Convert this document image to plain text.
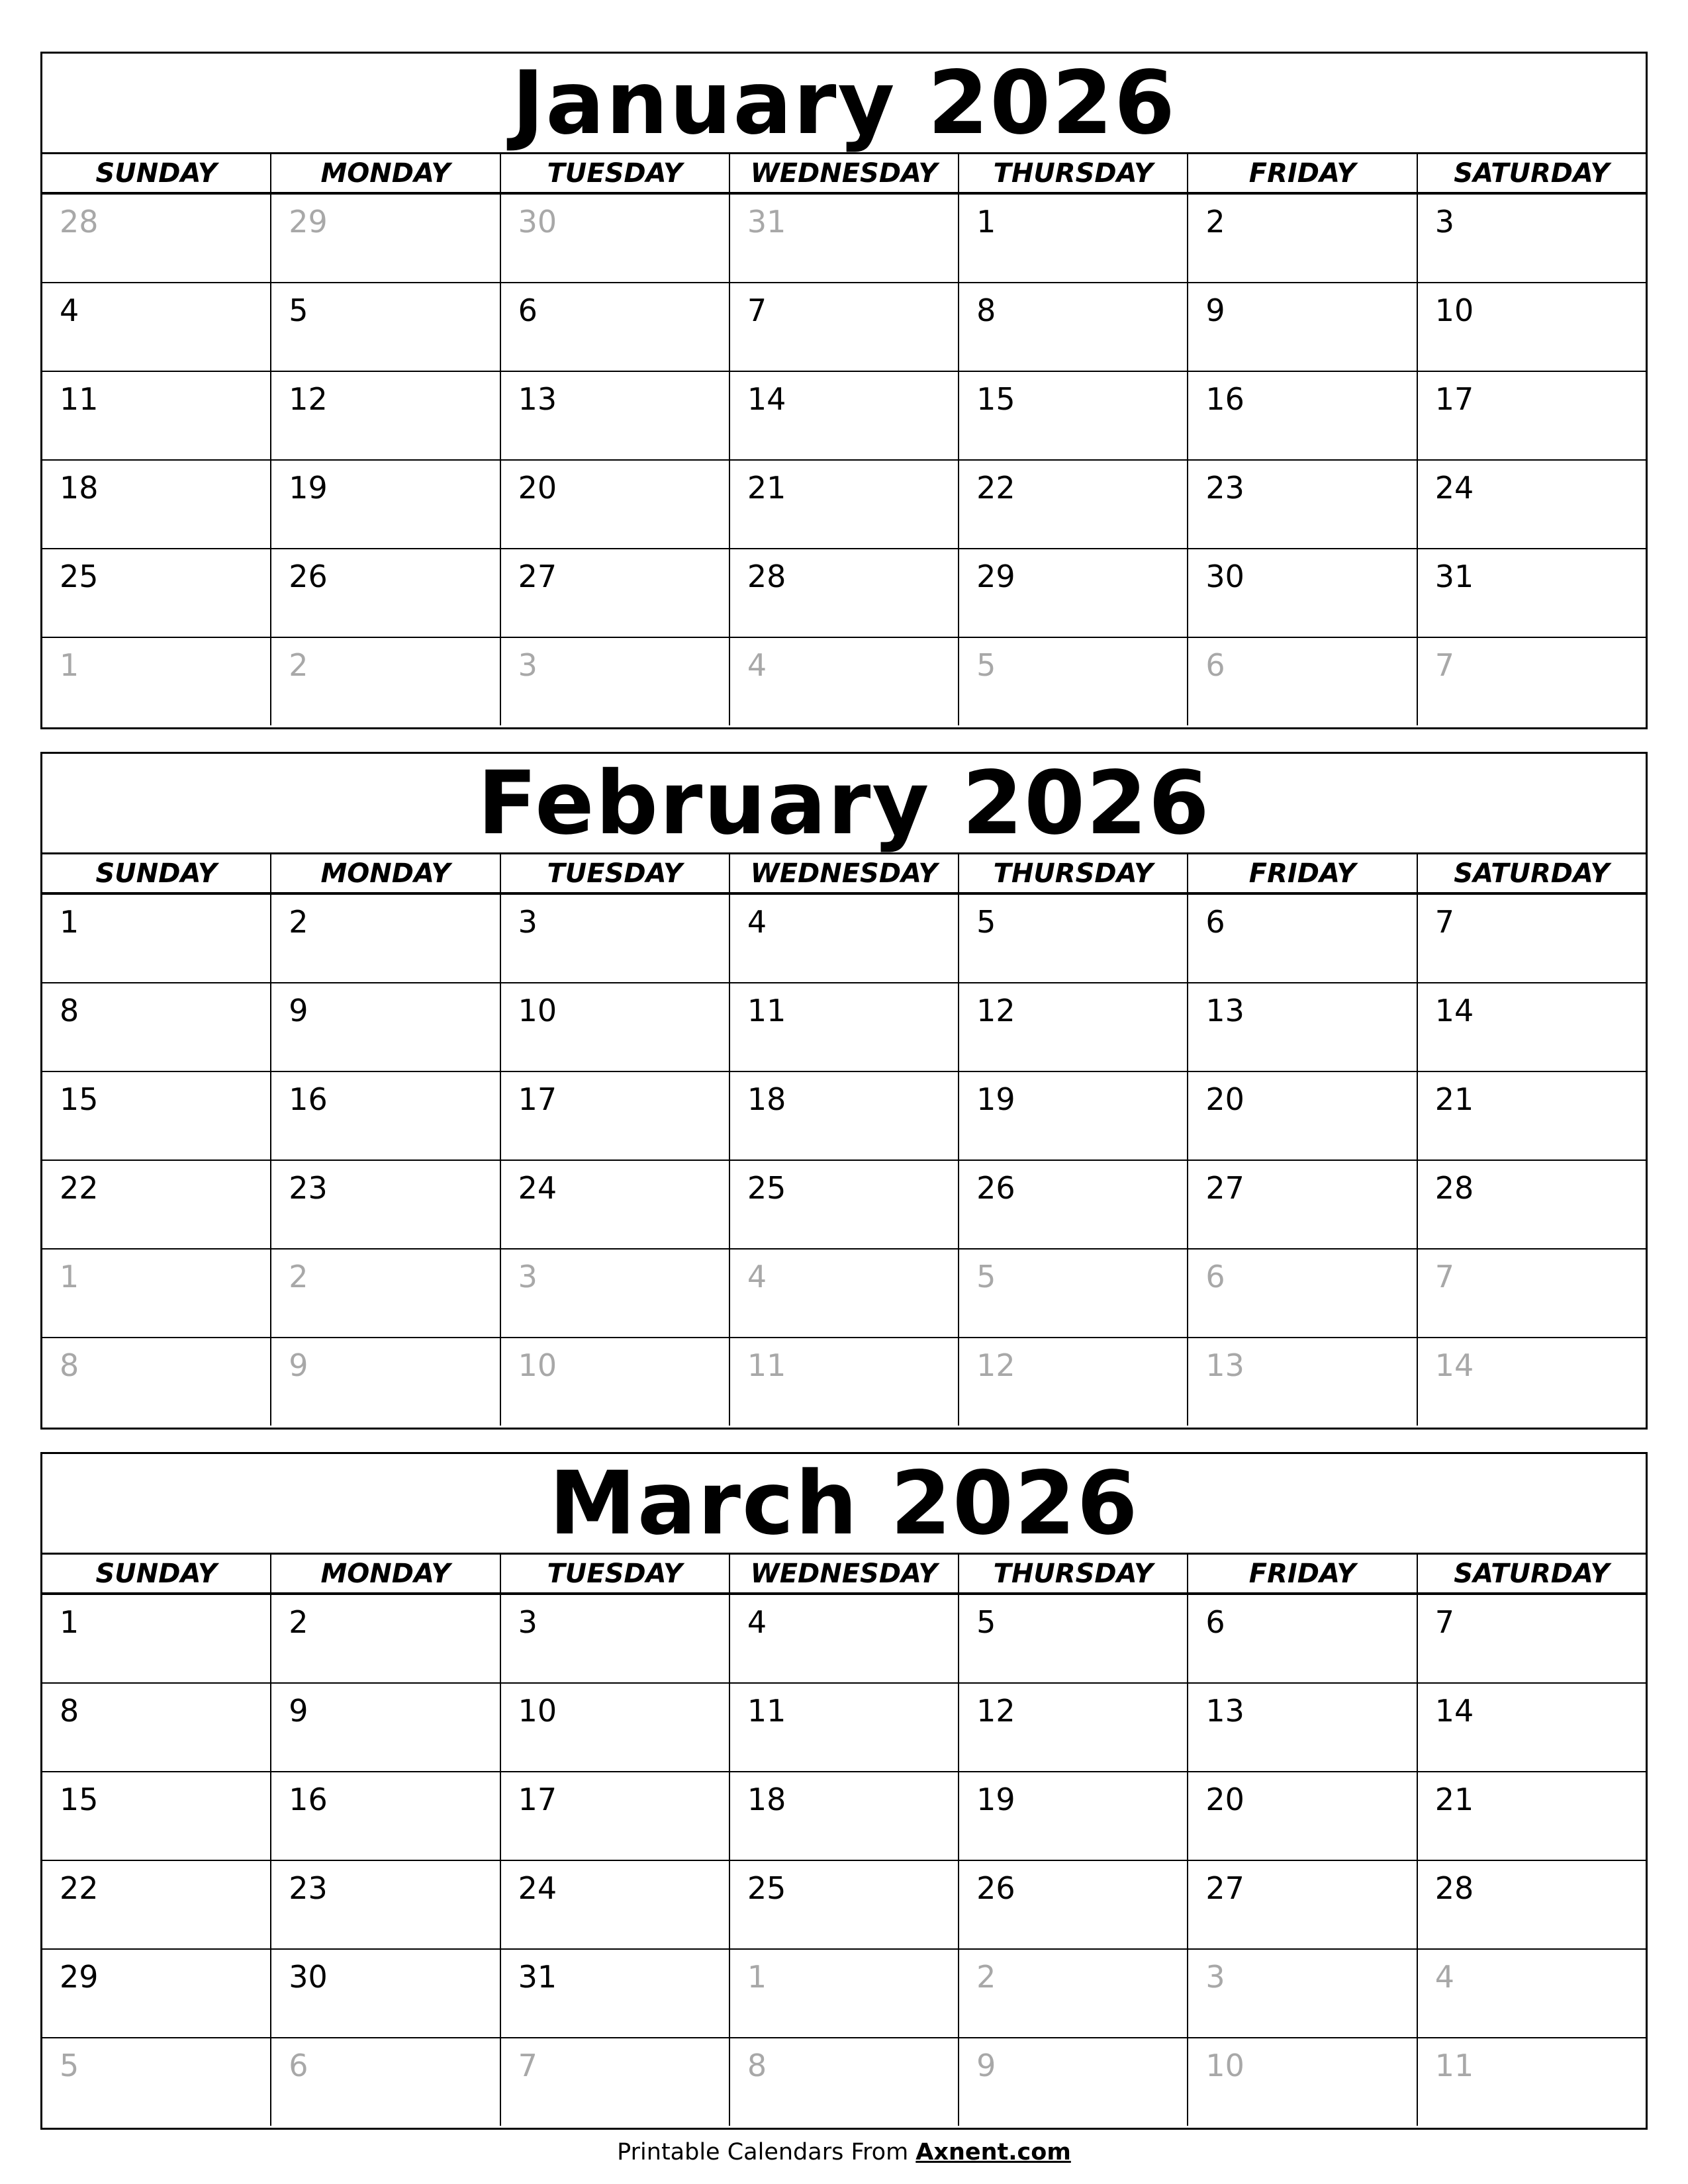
January 2026
SUNDAY	MONDAY	TUESDAY	WEDNESDAY	THURSDAY	FRIDAY	SATURDAY
28	29	30	31	1	2	3
4	5	6	7	8	9	10
11	12	13	14	15	16	17
18	19	20	21	22	23	24
25	26	27	28	29	30	31
1	2	3	4	5	6	7
February 2026
SUNDAY	MONDAY	TUESDAY	WEDNESDAY	THURSDAY	FRIDAY	SATURDAY
1	2	3	4	5	6	7
8	9	10	11	12	13	14
15	16	17	18	19	20	21
22	23	24	25	26	27	28
1	2	3	4	5	6	7
8	9	10	11	12	13	14
March 2026
SUNDAY	MONDAY	TUESDAY	WEDNESDAY	THURSDAY	FRIDAY	SATURDAY
1	2	3	4	5	6	7
8	9	10	11	12	13	14
15	16	17	18	19	20	21
22	23	24	25	26	27	28
29	30	31	1	2	3	4
5	6	7	8	9	10	11
Printable Calendars From Axnent.com
